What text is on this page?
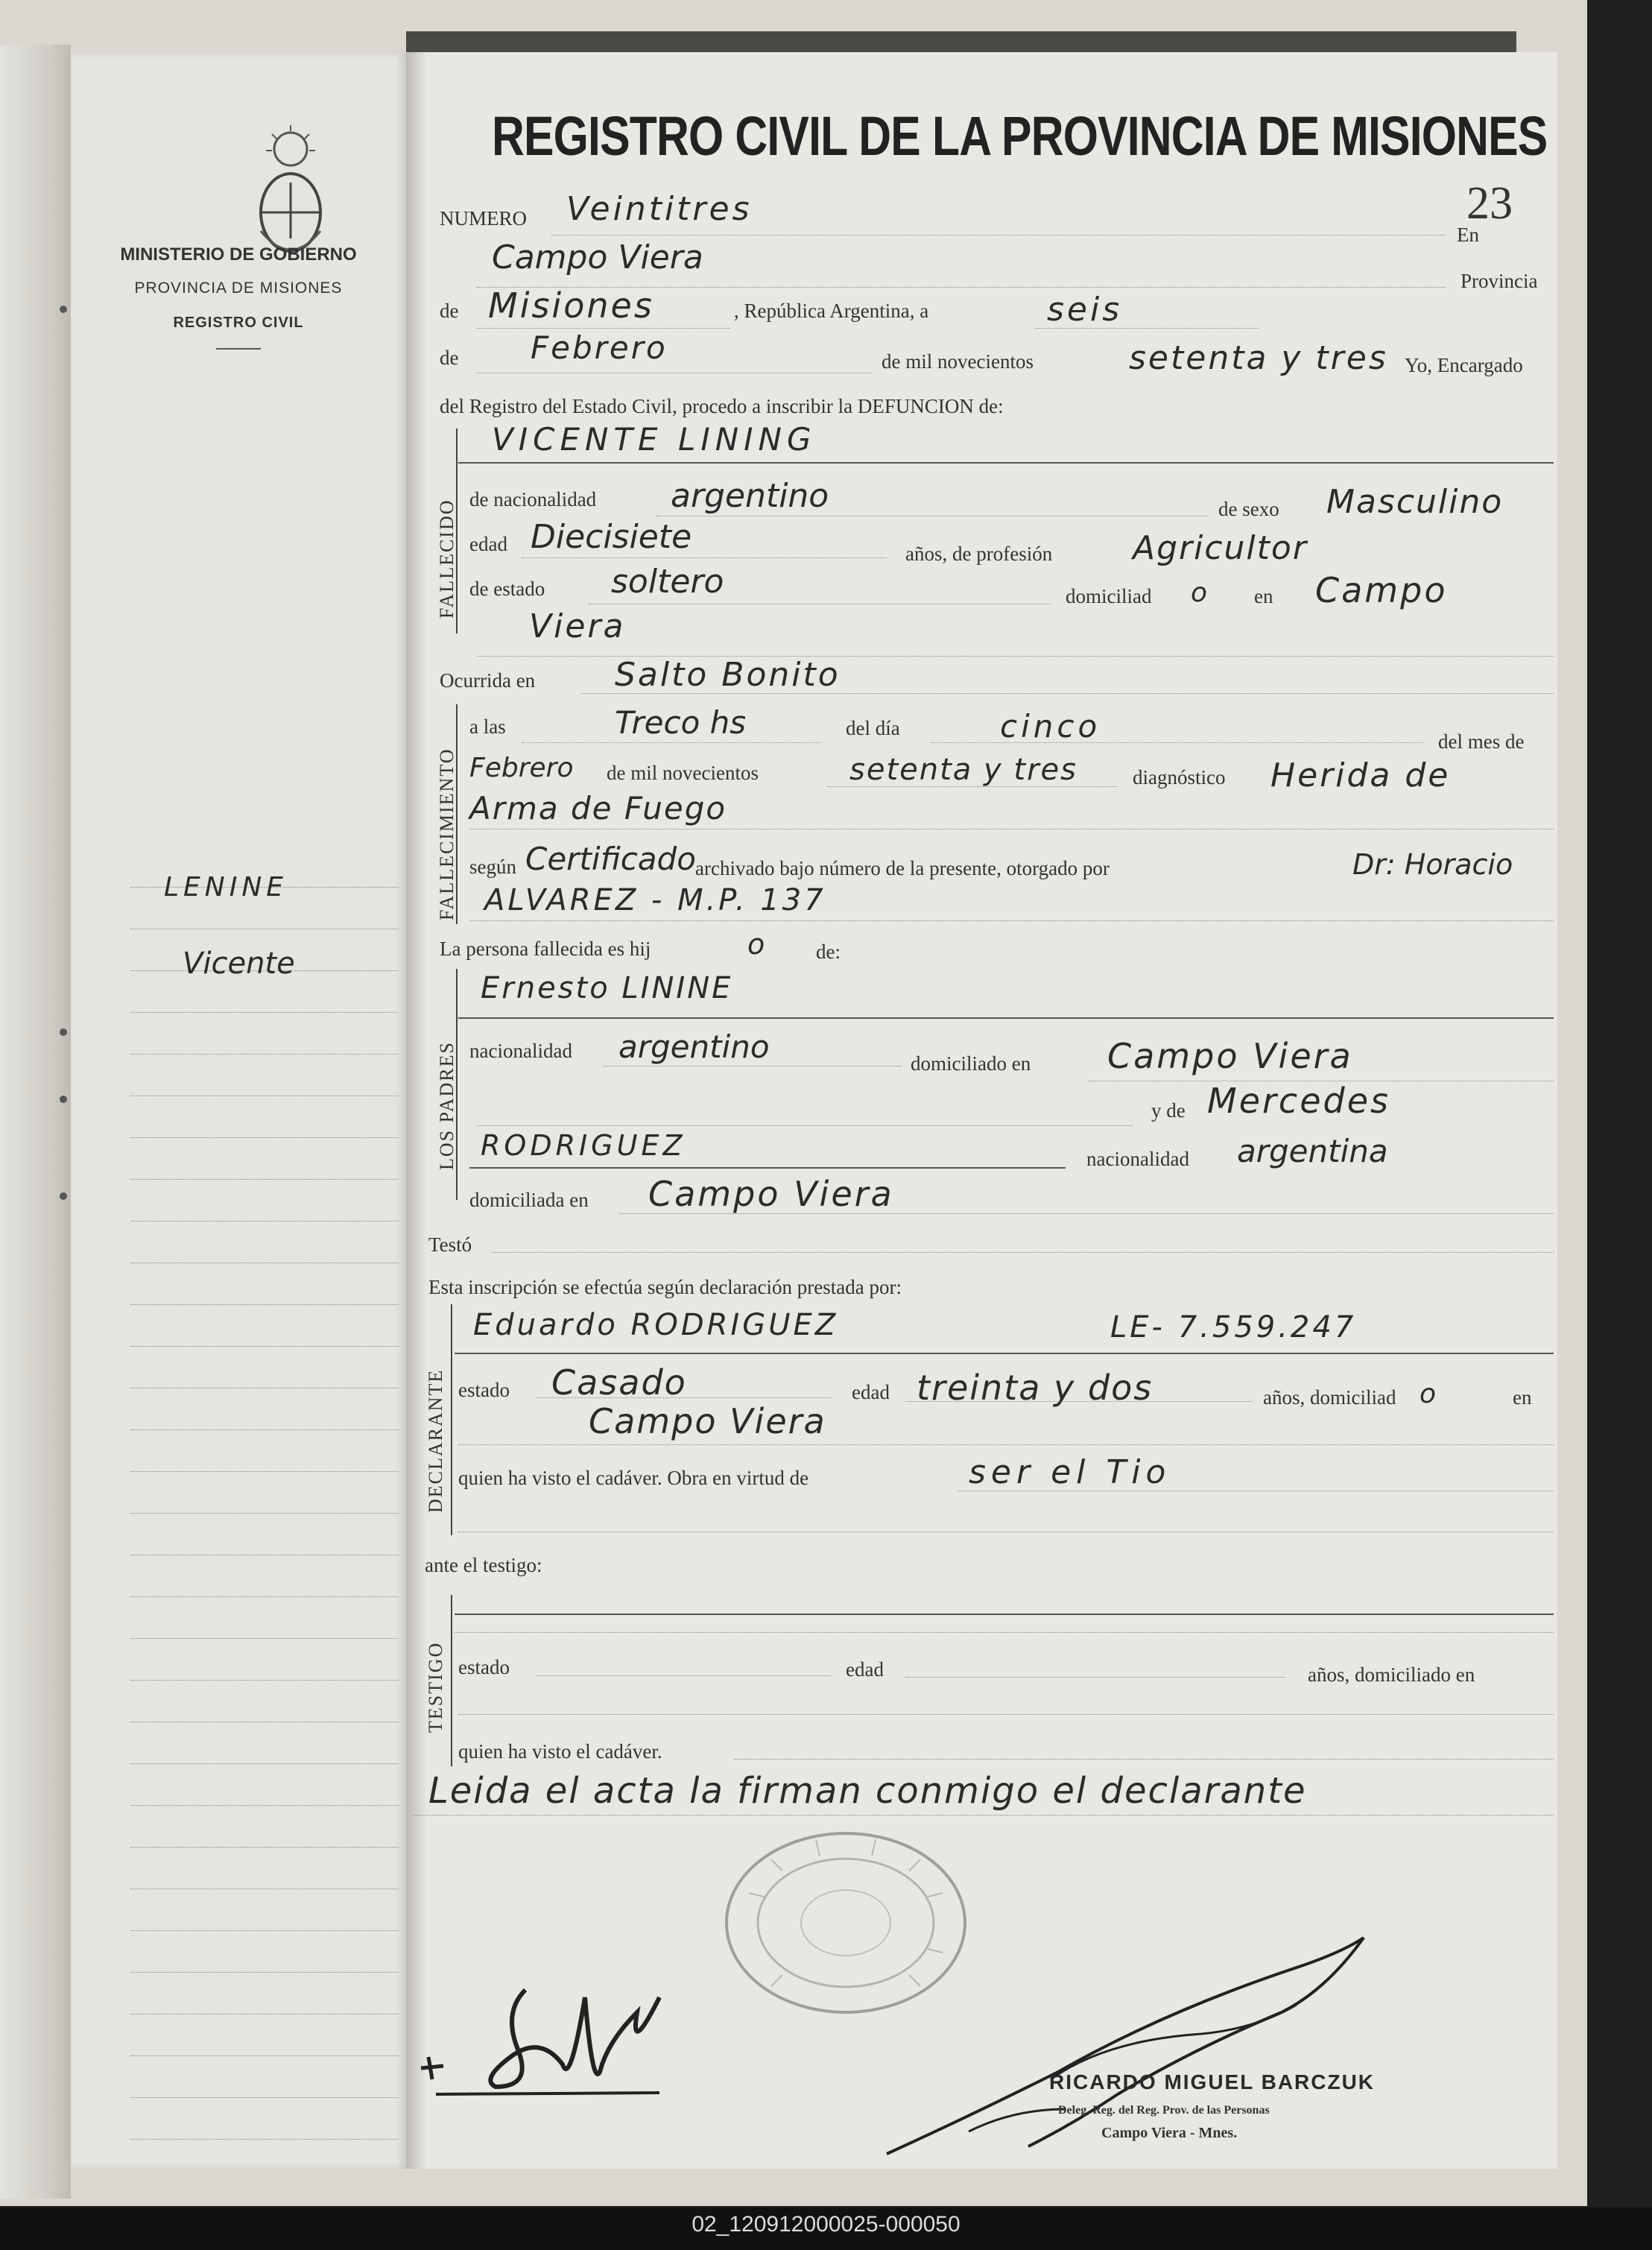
MINISTERIO DE GOBIERNO
PROVINCIA DE MISIONES
REGISTRO CIVIL
LENINE
Vicente
REGISTRO CIVIL DE LA PROVINCIA DE MISIONES
NUMERO Veintitres	23
En
Campo Viera
Provincia
de Misiones	, República Argentina, a	seis
de Febrero	de mil novecientos	setenta y tres Yo, Encargado
del Registro del Estado Civil, procedo a inscribir la DEFUNCION de:
FALLECIDO
VICENTE LINING
de nacionalidad argentino	de sexo Masculino
edad Diecisiete	años, de profesión Agricultor
de estado soltero	domiciliad o en Campo
Viera
Ocurrida en Salto Bonito
FALLECIMIENTO
a las	Treco hs	del día	cinco	del mes de
Febrero de mil novecientos	setenta y tres	diagnóstico Herida de
Arma de Fuego
según Certificado archivado bajo número de la presente, otorgado por	Dr: Horacio
ALVAREZ - M.P. 137
La persona fallecida es hij	o	de:
LOS PADRES
Ernesto LININE
nacionalidad argentino	domiciliado en Campo Viera
y de Mercedes
RODRIGUEZ	nacionalidad argentina
domiciliada en Campo Viera
Testó
Esta inscripción se efectúa según declaración prestada por:
DECLARANTE
Eduardo RODRIGUEZ	LE- 7.559.247
estado Casado	edad treinta y dos	años, domiciliad o	en
Campo Viera
quien ha visto el cadáver. Obra en virtud de	ser el Tio
ante el testigo:
TESTIGO estado	edad	años, domiciliado en
quien ha visto el cadáver.
Leida el acta la firman conmigo el declarante
RICARDO MIGUEL BARCZUK
Deleg. Reg. del Reg. Prov. de las Personas
Campo Viera - Mnes.
02_120912000025-000050
